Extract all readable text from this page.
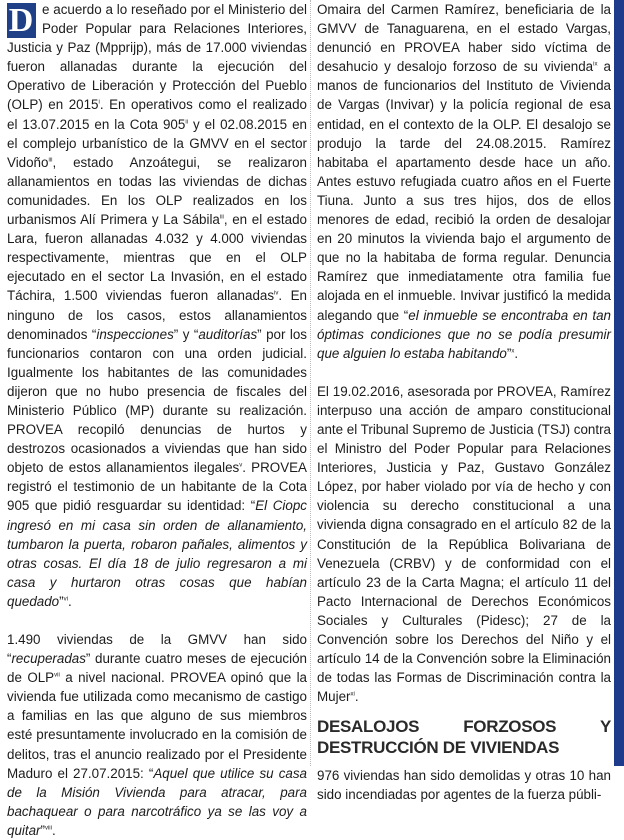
D e acuerdo a lo reseñado por el Ministerio del Poder Popular para Relaciones Interiores, Justicia y Paz (Mpprijp), más de 17.000 viviendas fueron allanadas durante la ejecución del Operativo de Liberación y Protección del Pueblo (OLP) en 2015$^i$. En operativos como el realizado el 13.07.2015 en la Cota 905$^{ii}$ y el 02.08.2015 en el complejo urbanístico de la GMVV en el sector Vidoño$^{iii}$, estado Anzoátegui, se realizaron allanamientos en todas las viviendas de dichas comunidades. En los OLP realizados en los urbanismos Alí Primera y La Sábila$^{iii}$, en el estado Lara, fueron allanadas 4.032 y 4.000 viviendas respectivamente, mientras que en el OLP ejecutado en el sector La Invasión, en el estado Táchira, 1.500 viviendas fueron allanadas$^{iv}$. En ninguno de los casos, estos allanamientos denominados “inspecciones” y “auditorías” por los funcionarios contaron con una orden judicial. Igualmente los habitantes de las comunidades dijeron que no hubo presencia de fiscales del Ministerio Público (MP) durante su realización. PROVEA recopiló denuncias de hurtos y destrozos ocasionados a viviendas que han sido objeto de estos allanamientos ilegales$^v$. PROVEA registró el testimonio de un habitante de la Cota 905 que pidió resguardar su identidad: “El Ciopc ingresó en mi casa sin orden de allanamiento, tumbaron la puerta, robaron pañales, alimentos y otras cosas. El día 18 de julio regresaron a mi casa y hurtaron otras cosas que habían quedado”$^{vi}$.

1.490 viviendas de la GMVV han sido “recuperadas” durante cuatro meses de ejecución de OLP$^{vii}$ a nivel nacional. PROVEA opinó que la vivienda fue utilizada como mecanismo de castigo a familias en las que alguno de sus miembros esté presuntamente involucrado en la comisión de delitos, tras el anuncio realizado por el Presidente Maduro el 27.07.2015: “Aquel que utilice su casa de la Misión Vivienda para atracar, para bachaquear o para narcotráfico ya se las voy a quitar”$^{viii}$.

Omaira del Carmen Ramírez, beneficiaria de la GMVV de Tanaguarena, en el estado Vargas, denunció en PROVEA haber sido víctima de desahucio y desalojo forzoso de su vivienda$^{ix}$ a manos de funcionarios del Instituto de Vivienda de Vargas (Invivar) y la policía regional de esa entidad, en el contexto de la OLP. El desalojo se produjo la tarde del 24.08.2015. Ramírez habitaba el apartamento desde hace un año. Antes estuvo refugiada cuatro años en el Fuerte Tiuna. Junto a sus tres hijos, dos de ellos menores de edad, recibió la orden de desalojar en 20 minutos la vivienda bajo el argumento de que no la habitaba de forma regular. Denuncia Ramírez que inmediatamente otra familia fue alojada en el inmueble. Invivar justificó la medida alegando que “el inmueble se encontraba en tan óptimas condiciones que no se podía presumir que alguien lo estaba habitando”$^x$.

El 19.02.2016, asesorada por PROVEA, Ramírez interpuso una acción de amparo constitucional ante el Tribunal Supremo de Justicia (TSJ) contra el Ministro del Poder Popular para Relaciones Interiores, Justicia y Paz, Gustavo González López, por haber violado por vía de hecho y con violencia su derecho constitucional a una vivienda digna consagrado en el artículo 82 de la Constitución de la República Bolivariana de Venezuela (CRBV) y de conformidad con el artículo 23 de la Carta Magna; el artículo 11 del Pacto Internacional de Derechos Económicos Sociales y Culturales (Pidesc); 27 de la Convención sobre los Derechos del Niño y el artículo 14 de la Convención sobre la Eliminación de todas las Formas de Discriminación contra la Mujer$^{xi}$.

DESALOJOS FORZOSOS Y DESTRUCCIÓN DE VIVIENDAS

976 viviendas han sido demolidas y otras 10 han sido incendiadas por agentes de la fuerza públi-
